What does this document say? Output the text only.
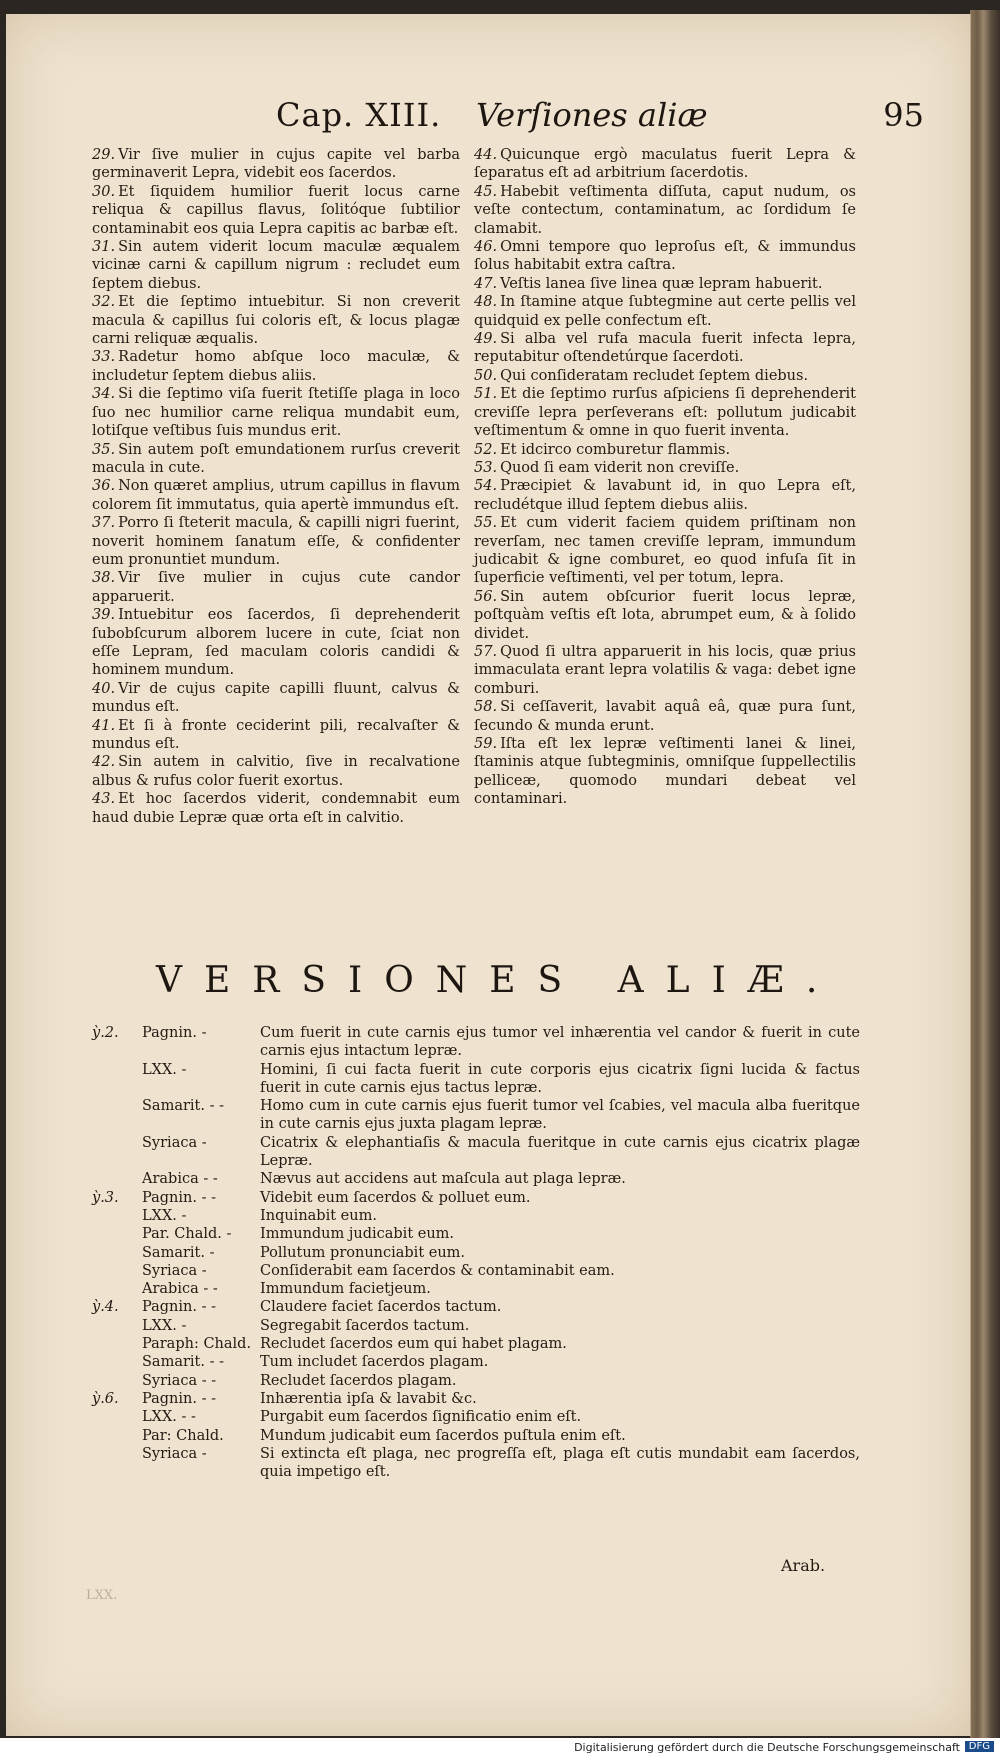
Cap. XIII. Verſiones aliæ	95

29. Vir ſive mulier in cujus capite vel barba germinaverit Lepra, videbit eos ſacerdos.

30. Et ſiquidem humilior fuerit locus carne reliqua & capillus flavus, ſolitóque ſubtilior contaminabit eos quia Lepra capitis ac barbæ eſt.

31. Sin autem viderit locum maculæ æqualem vicinæ carni & capillum nigrum : recludet eum ſeptem diebus.

32. Et die ſeptimo intuebitur. Si non creverit macula & capillus ſui coloris eſt, & locus plagæ carni reliquæ æqualis.

33. Radetur homo abſque loco maculæ, & includetur ſeptem diebus aliis.

34. Si die ſeptimo viſa fuerit ſtetiſſe plaga in loco ſuo nec humilior carne reliqua mundabit eum, lotiſque veſtibus ſuis mundus erit.

35. Sin autem poſt emundationem rurſus creverit macula in cute.

36. Non quæret amplius, utrum capillus in flavum colorem ſit immutatus, quia apertè immundus eſt.

37. Porro ſi ſteterit macula, & capilli nigri fuerint, noverit hominem ſanatum eſſe, & confidenter eum pronuntiet mundum.

38. Vir ſive mulier in cujus cute candor apparuerit.

39. Intuebitur eos ſacerdos, ſi deprehenderit ſubobſcurum alborem lucere in cute, ſciat non eſſe Lepram, ſed maculam coloris candidi & hominem mundum.

40. Vir de cujus capite capilli fluunt, calvus & mundus eſt.

41. Et ſi à fronte ceciderint pili, recalvaſter & mundus eſt.

42. Sin autem in calvitio, ſive in recalvatione albus & rufus color fuerit exortus.

43. Et hoc ſacerdos viderit, condemnabit eum haud dubie Lepræ quæ orta eſt in calvitio.

44. Quicunque ergò maculatus fuerit Lepra & ſeparatus eſt ad arbitrium ſacerdotis.

45. Habebit veſtimenta diſſuta, caput nudum, os veſte contectum, contaminatum, ac ſordidum ſe clamabit.

46. Omni tempore quo leproſus eſt, & immundus ſolus habitabit extra caſtra.

47. Veſtis lanea ſive linea quæ lepram habuerit.

48. In ſtamine atque ſubtegmine aut certe pellis vel quidquid ex pelle confectum eſt.

49. Si alba vel rufa macula fuerit infecta lepra, reputabitur oſtendetúrque ſacerdoti.

50. Qui conſideratam recludet ſeptem diebus.

51. Et die ſeptimo rurſus aſpiciens ſi deprehenderit creviſſe lepra perſeverans eſt: pollutum judicabit veſtimentum & omne in quo fuerit inventa.

52. Et idcirco comburetur flammis.

53. Quod ſi eam viderit non creviſſe.

54. Præcipiet & lavabunt id, in quo Lepra eſt, recludétque illud ſeptem diebus aliis.

55. Et cum viderit faciem quidem priſtinam non reverſam, nec tamen creviſſe lepram, immundum judicabit & igne comburet, eo quod infuſa ſit in ſuperficie veſtimenti, vel per totum, lepra.

56. Sin autem obſcurior fuerit locus lepræ, poſtquàm veſtis eſt lota, abrumpet eum, & à ſolido dividet.

57. Quod ſi ultra apparuerit in his locis, quæ prius immaculata erant lepra volatilis & vaga: debet igne comburi.

58. Si ceſſaverit, lavabit aquâ eâ, quæ pura ſunt, ſecundo & munda erunt.

59. Iſta eſt lex lepræ veſtimenti lanei & linei, ſtaminis atque ſubtegminis, omniſque ſuppellectilis pelliceæ, quomodo mundari debeat vel contaminari.

VERSIONES ALIÆ.
ỳ.2.	Pagnin. -	Cum fuerit in cute carnis ejus tumor vel inhærentia vel candor & fuerit in cute carnis ejus intactum lepræ.
LXX. -	Homini, ſi cui facta fuerit in cute corporis ejus cicatrix ſigni lucida & factus fuerit in cute carnis ejus tactus lepræ.
Samarit. - -	Homo cum in cute carnis ejus fuerit tumor vel ſcabies, vel macula alba fueritque in cute carnis ejus juxta plagam lepræ.
Syriaca -	Cicatrix & elephantiaſis & macula fueritque in cute carnis ejus cicatrix plagæ Lepræ.
Arabica - -	Nævus aut accidens aut maſcula aut plaga lepræ.
ỳ.3.	Pagnin. - -	Videbit eum ſacerdos & polluet eum.
LXX. -	Inquinabit eum.
Par. Chald. -	Immundum judicabit eum.
Samarit. -	Pollutum pronunciabit eum.
Syriaca -	Conſiderabit eam ſacerdos & contaminabit eam.
Arabica - -	Immundum facietjeum.
ỳ.4.	Pagnin. - -	Claudere faciet ſacerdos tactum.
LXX. -	Segregabit ſacerdos tactum.
Paraph: Chald. Recludet ſacerdos eum qui habet plagam.
Samarit. - -	Tum includet ſacerdos plagam.
Syriaca - -	Recludet ſacerdos plagam.
ỳ.6.	Pagnin. - -	Inhærentia ipſa & lavabit &c.
LXX. - -	Purgabit eum ſacerdos ſignificatio enim eſt.
Par: Chald.	Mundum judicabit eum ſacerdos puſtula enim eſt.
Syriaca -	Si extincta eſt plaga, nec progreſſa eſt, plaga eſt cutis mundabit eam ſacerdos, quia impetigo eſt.
Arab.
LXX.
Digitalisierung gefördert durch die Deutsche Forschungsgemeinschaft DFG
